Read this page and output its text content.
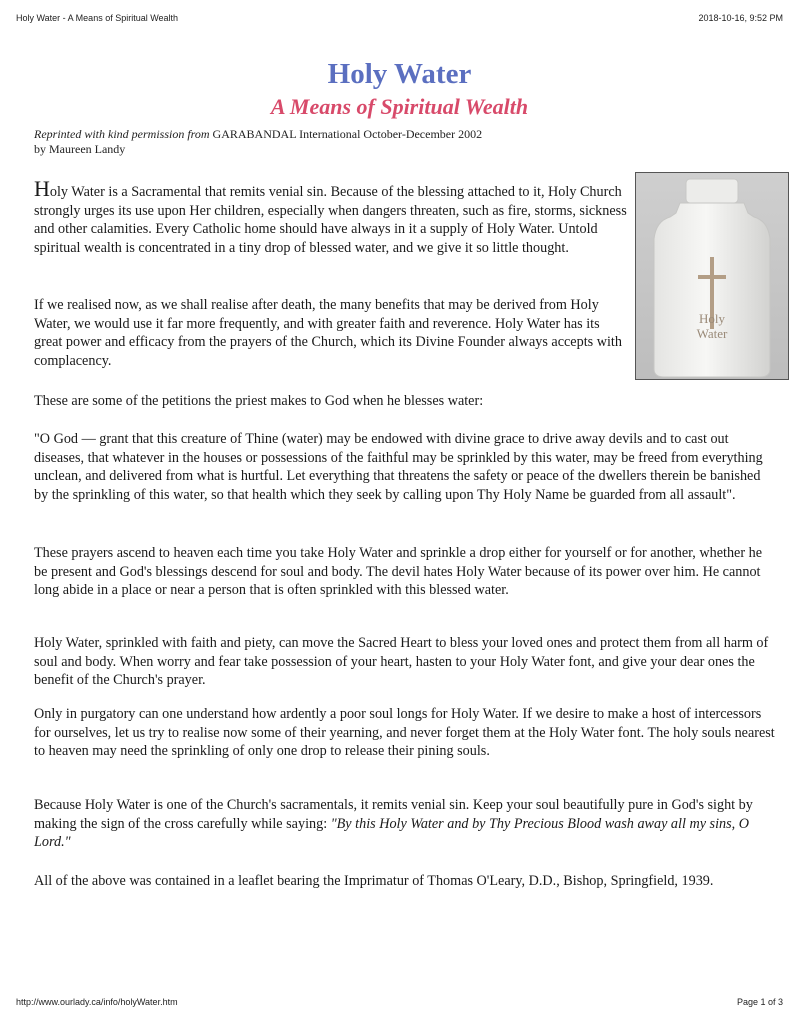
Holy Water - A Means of Spiritual Wealth	2018-10-16, 9:52 PM
Holy Water
A Means of Spiritual Wealth
Reprinted with kind permission from GARABANDAL International October-December 2002
by Maureen Landy
Holy
Water

Holy Water is a Sacramental that remits venial sin. Because of the blessing attached to it, Holy Church strongly urges its use upon Her children, especially when dangers threaten, such as fire, storms, sickness and other calamities. Every Catholic home should have always in it a supply of Holy Water. Untold spiritual wealth is concentrated in a tiny drop of blessed water, and we give it so little thought.

If we realised now, as we shall realise after death, the many benefits that may be derived from Holy Water, we would use it far more frequently, and with greater faith and reverence. Holy Water has its great power and efficacy from the prayers of the Church, which its Divine Founder always accepts with complacency.

These are some of the petitions the priest makes to God when he blesses water:

"O God — grant that this creature of Thine (water) may be endowed with divine grace to drive away devils and to cast out diseases, that whatever in the houses or possessions of the faithful may be sprinkled by this water, may be freed from everything unclean, and delivered from what is hurtful. Let everything that threatens the safety or peace of the dwellers therein be banished by the sprinkling of this water, so that health which they seek by calling upon Thy Holy Name be guarded from all assault".

These prayers ascend to heaven each time you take Holy Water and sprinkle a drop either for yourself or for another, whether he be present and God's blessings descend for soul and body. The devil hates Holy Water because of its power over him. He cannot long abide in a place or near a person that is often sprinkled with this blessed water.

Holy Water, sprinkled with faith and piety, can move the Sacred Heart to bless your loved ones and protect them from all harm of soul and body. When worry and fear take possession of your heart, hasten to your Holy Water font, and give your dear ones the benefit of the Church's prayer.

Only in purgatory can one understand how ardently a poor soul longs for Holy Water. If we desire to make a host of intercessors for ourselves, let us try to realise now some of their yearning, and never forget them at the Holy Water font. The holy souls nearest to heaven may need the sprinkling of only one drop to release their pining souls.

Because Holy Water is one of the Church's sacramentals, it remits venial sin. Keep your soul beautifully pure in God's sight by making the sign of the cross carefully while saying: "By this Holy Water and by Thy Precious Blood wash away all my sins, O Lord."

All of the above was contained in a leaflet bearing the Imprimatur of Thomas O'Leary, D.D., Bishop, Springfield, 1939.

http://www.ourlady.ca/info/holyWater.htm	Page 1 of 3
